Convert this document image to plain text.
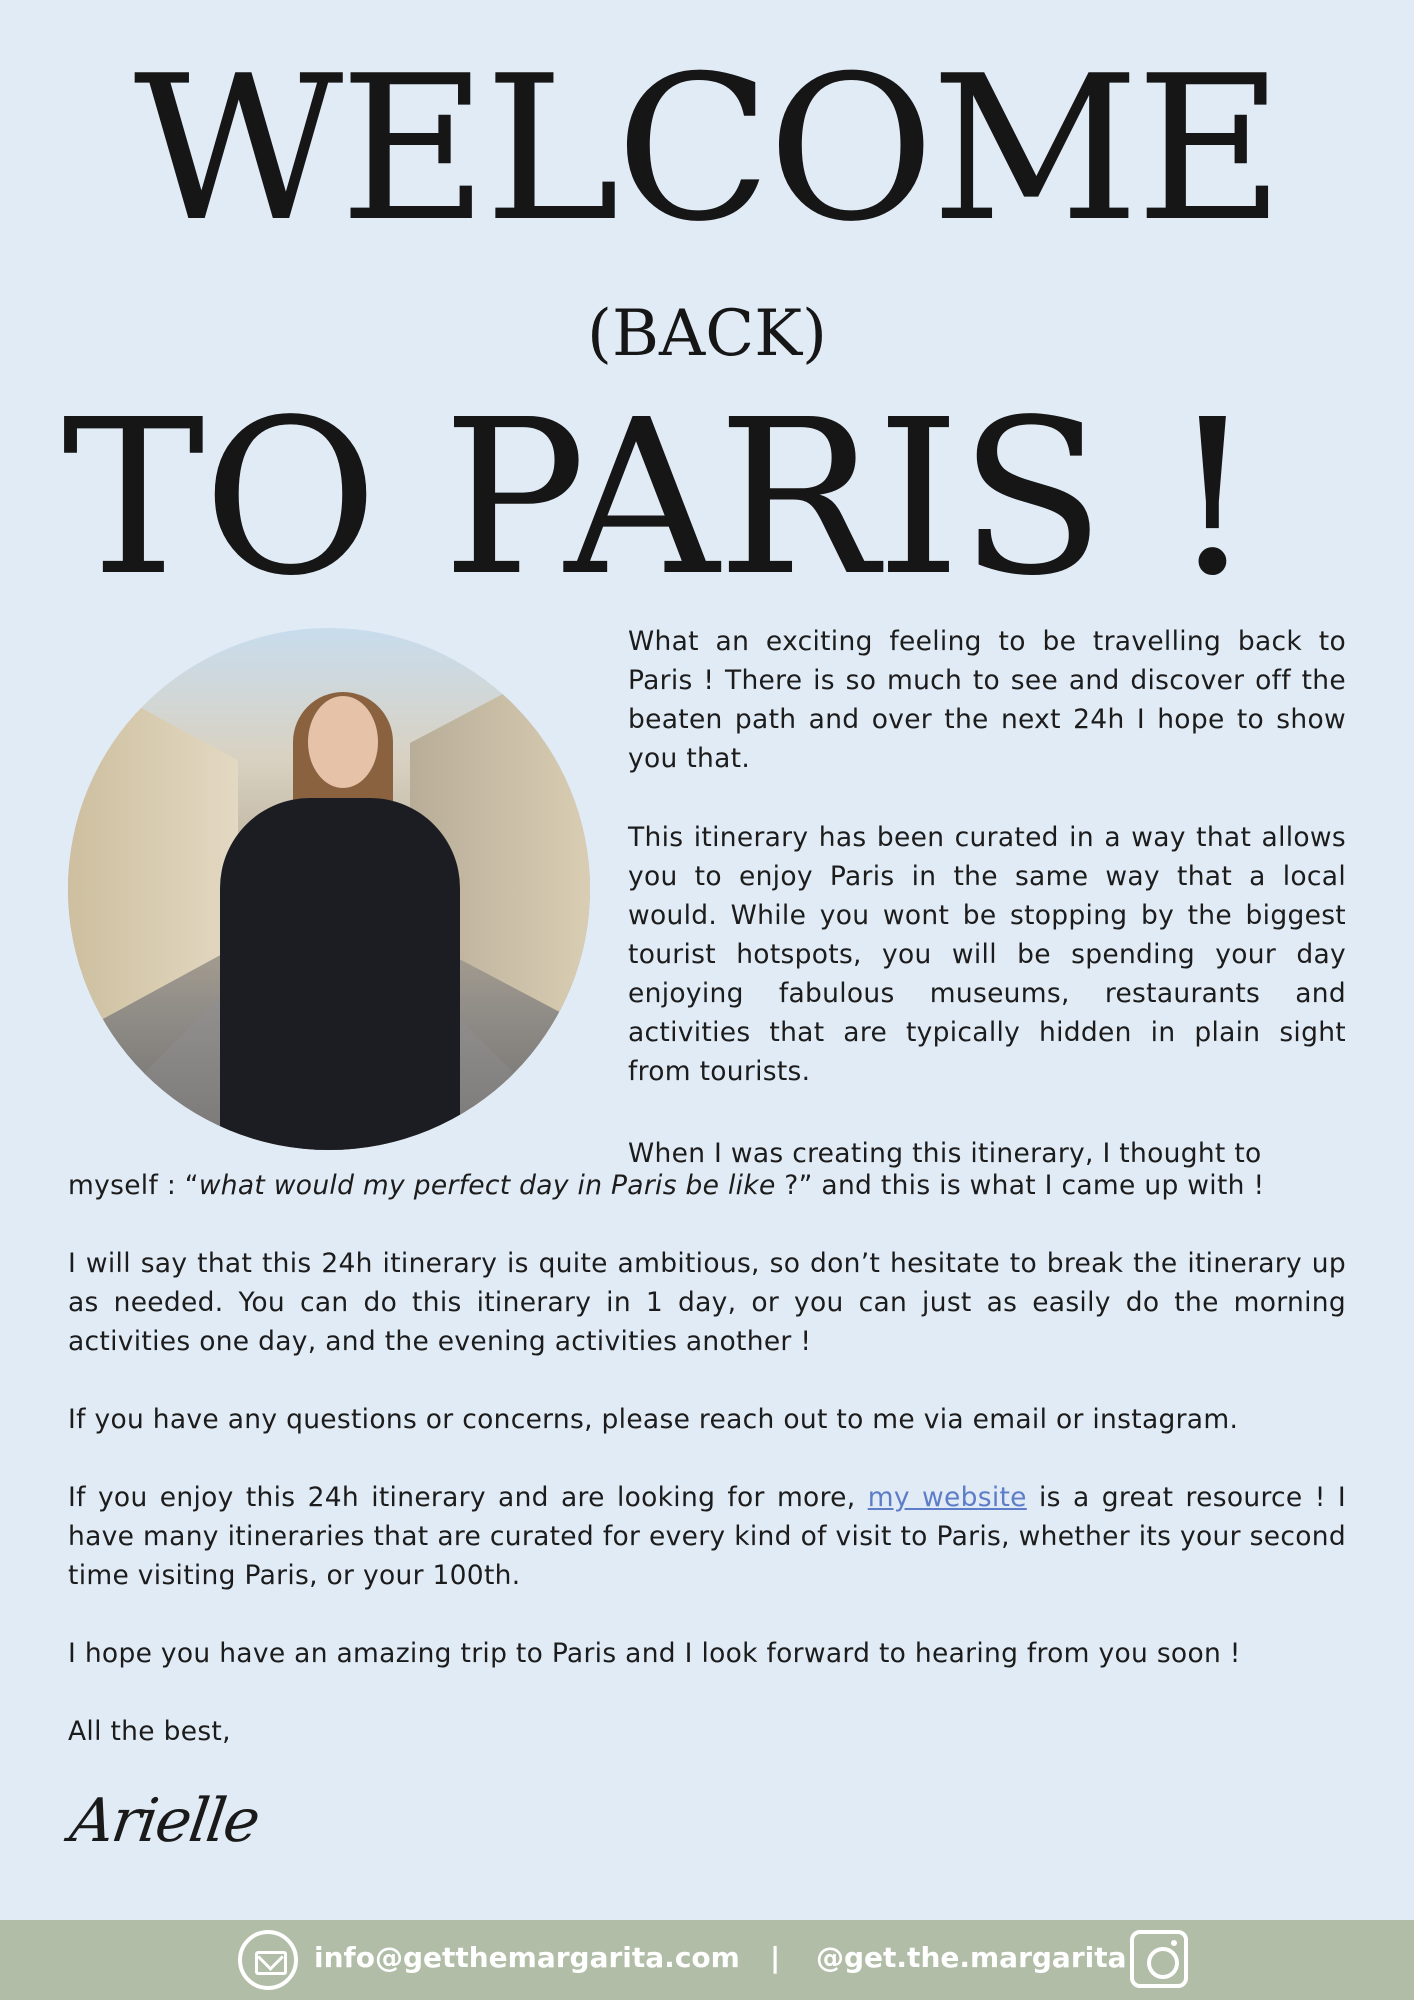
WELCOME
(BACK)
TO PARIS !

What an exciting feeling to be travelling back to Paris ! There is so much to see and discover off the beaten path and over the next 24h I hope to show you that.

This itinerary has been curated in a way that allows you to enjoy Paris in the same way that a local would. While you wont be stopping by the biggest tourist hotspots, you will be spending your day enjoying fabulous museums, restaurants and activities that are typically hidden in plain sight from tourists.

When I was creating this itinerary, I thought to

myself : “what would my perfect day in Paris be like ?” and this is what I came up with !

I will say that this 24h itinerary is quite ambitious, so don’t hesitate to break the itinerary up as needed. You can do this itinerary in 1 day, or you can just as easily do the morning activities one day, and the evening activities another !

If you have any questions or concerns, please reach out to me via email or instagram.

If you enjoy this 24h itinerary and are looking for more, my website is a great resource ! I have many itineraries that are curated for every kind of visit to Paris, whether its your second time visiting Paris, or your 100th.

I hope you have an amazing trip to Paris and I look forward to hearing from you soon !

All the best,

Arielle
info@getthemargarita.com | @get.the.margarita
